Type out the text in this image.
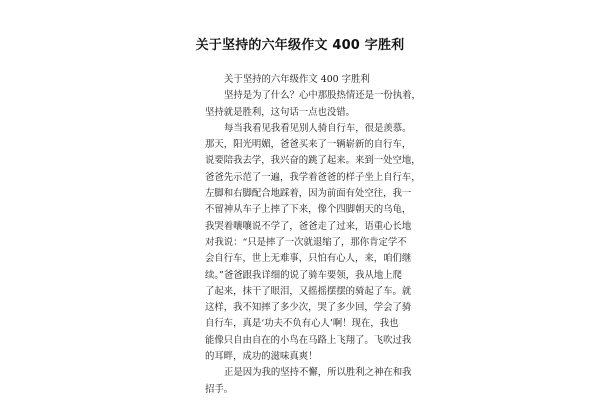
关于坚持的六年级作文 400 字胜利
关于坚持的六年级作文 400 字胜利
坚持是为了什么？心中那股热情还是一份执着，
坚持就是胜利，这句话一点也没错。
每当我看见我看见别人骑自行车，很是羡慕。
那天，阳光明媚，爸爸买来了一辆崭新的自行车，
说要陪我去学，我兴奋的跳了起来。来到一处空地，
爸爸先示范了一遍，我学着爸爸的样子坐上自行车，
左脚和右脚配合地踩着，因为前面有处空往，我一
不留神从车子上摔了下来，像个四脚朝天的乌龟，
我哭着嚷嚷说不学了，爸爸走了过来，语重心长地
对我说：“只是摔了一次就退缩了，那你肯定学不
会自行车，世上无难事，只怕有心人，来，咱们继
续。”爸爸跟我详细的说了骑车要领，我从地上爬
了起来，抹干了眼泪，又摇摇摆摆的骑起了车。就
这样，我不知摔了多少次，哭了多少回，学会了骑
自行车，真是‘功夫不负有心人’啊！现在，我也
能像只自由自在的小鸟在马路上飞翔了。飞吹过我
的耳畔，成功的滋味真爽！
正是因为我的坚持不懈，所以胜利之神在和我
招手。
